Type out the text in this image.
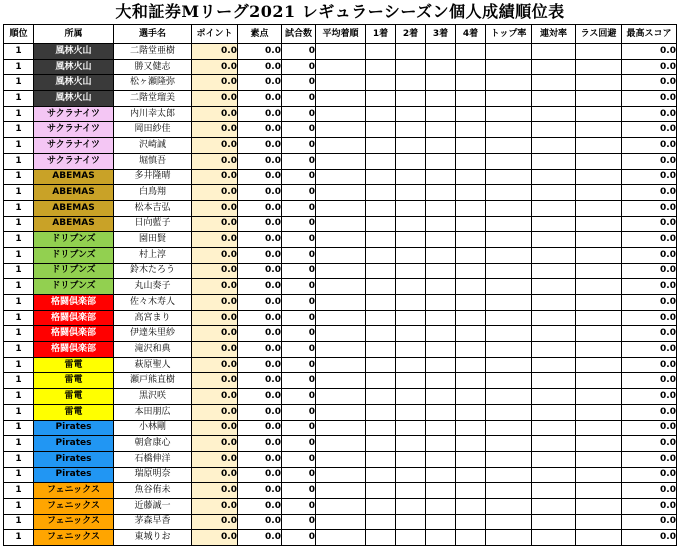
大和証券Mリーグ2021 レギュラーシーズン個人成績順位表
順位	所属	選手名	ポイント	素点	試合数	平均着順	1着	2着	3着	4着	トップ率	連対率	ラス回避	最高スコア
1	風林火山	二階堂亜樹	0.0	0.0	0									0.0
1	風林火山	勝又健志	0.0	0.0	0									0.0
1	風林火山	松ヶ瀬隆弥	0.0	0.0	0									0.0
1	風林火山	二階堂瑠美	0.0	0.0	0									0.0
1	サクラナイツ	内川幸太郎	0.0	0.0	0									0.0
1	サクラナイツ	岡田紗佳	0.0	0.0	0									0.0
1	サクラナイツ	沢崎誠	0.0	0.0	0									0.0
1	サクラナイツ	堀慎吾	0.0	0.0	0									0.0
1	ABEMAS	多井隆晴	0.0	0.0	0									0.0
1	ABEMAS	白鳥翔	0.0	0.0	0									0.0
1	ABEMAS	松本吉弘	0.0	0.0	0									0.0
1	ABEMAS	日向藍子	0.0	0.0	0									0.0
1	ドリブンズ	園田賢	0.0	0.0	0									0.0
1	ドリブンズ	村上淳	0.0	0.0	0									0.0
1	ドリブンズ	鈴木たろう	0.0	0.0	0									0.0
1	ドリブンズ	丸山奏子	0.0	0.0	0									0.0
1	格闘倶楽部	佐々木寿人	0.0	0.0	0									0.0
1	格闘倶楽部	高宮まり	0.0	0.0	0									0.0
1	格闘倶楽部	伊達朱里紗	0.0	0.0	0									0.0
1	格闘倶楽部	滝沢和典	0.0	0.0	0									0.0
1	雷電	萩原聖人	0.0	0.0	0									0.0
1	雷電	瀬戸熊直樹	0.0	0.0	0									0.0
1	雷電	黒沢咲	0.0	0.0	0									0.0
1	雷電	本田朋広	0.0	0.0	0									0.0
1	Pirates	小林剛	0.0	0.0	0									0.0
1	Pirates	朝倉康心	0.0	0.0	0									0.0
1	Pirates	石橋伸洋	0.0	0.0	0									0.0
1	Pirates	瑞原明奈	0.0	0.0	0									0.0
1	フェニックス	魚谷侑未	0.0	0.0	0									0.0
1	フェニックス	近藤誠一	0.0	0.0	0									0.0
1	フェニックス	茅森早香	0.0	0.0	0									0.0
1	フェニックス	東城りお	0.0	0.0	0									0.0
